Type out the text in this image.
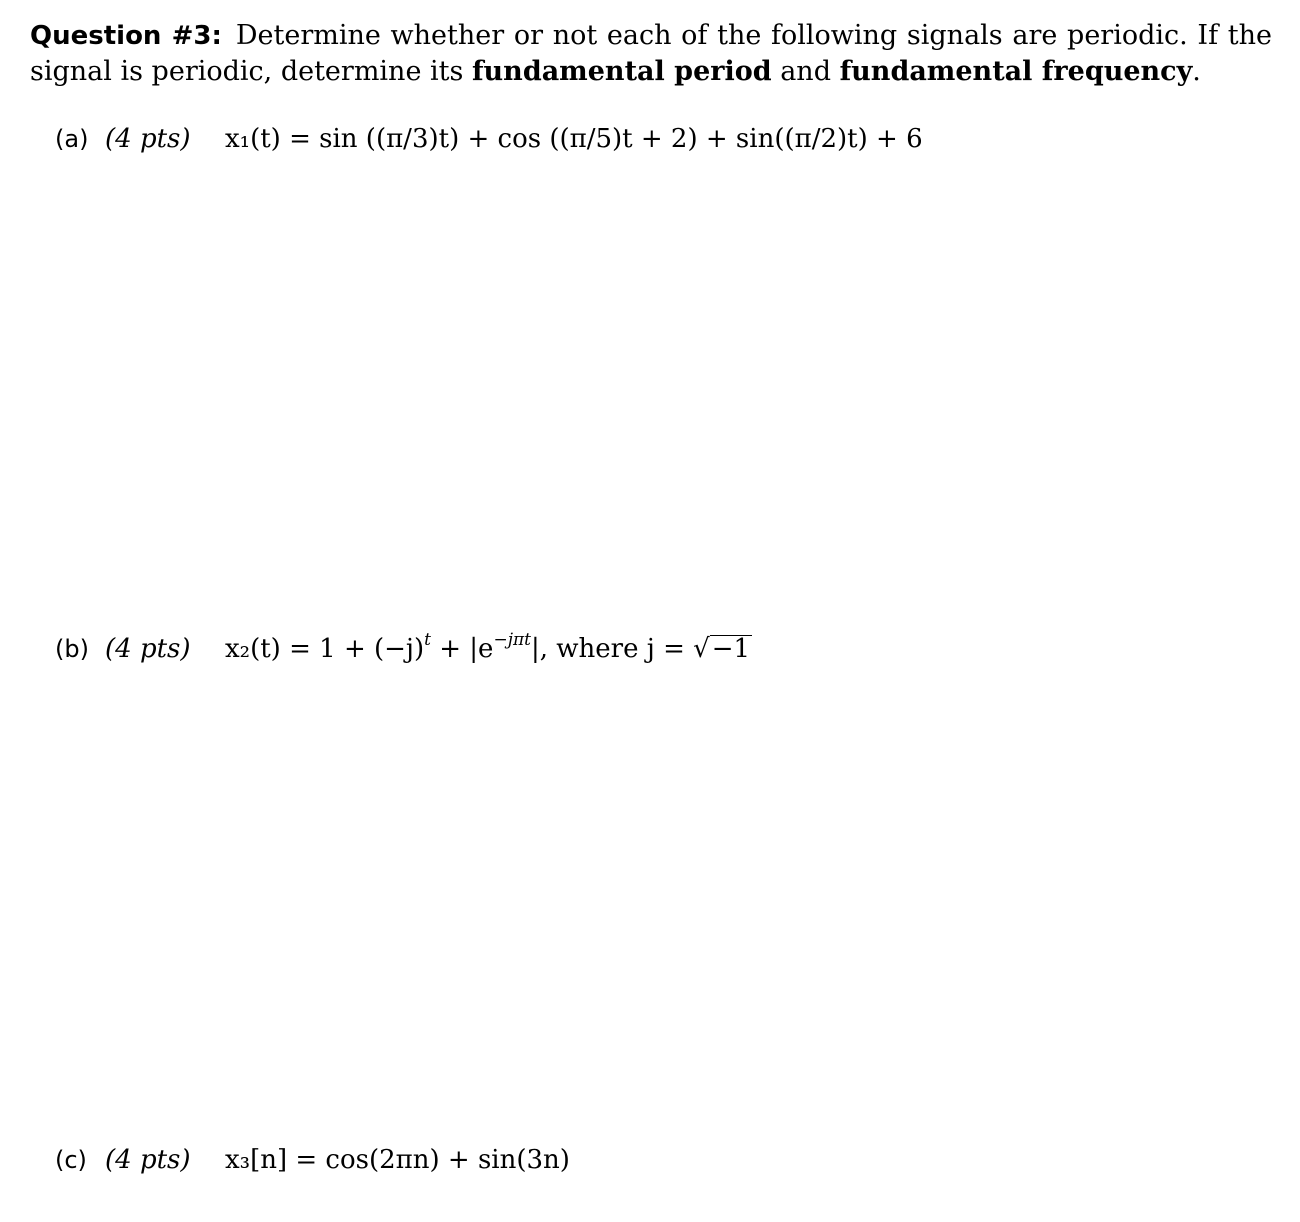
Question #3: Determine whether or not each of the following signals are periodic. If the signal is periodic, determine its fundamental period and fundamental frequency.
(a) (4 pts) x₁(t) = sin ((π/3)t) + cos ((π/5)t + 2) + sin((π/2)t) + 6
(b) (4 pts) $x_2(t) = 1 + (-j)^t + |e^{-j\pi t}|$, where j = √−1
(c) (4 pts) x₃[n] = cos(2πn) + sin(3n)
